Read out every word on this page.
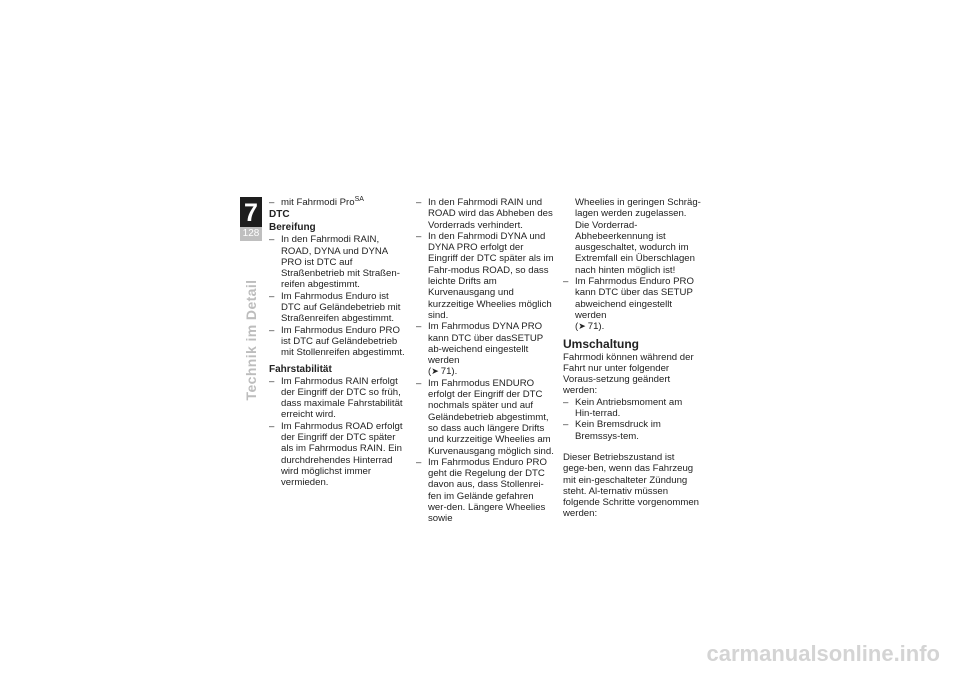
7
128
Technik im Detail
– mit Fahrmodi Pro$^{SA}$
DTC
Bereifung
– In den Fahrmodi RAIN, ROAD, DYNA und DYNA PRO ist DTC auf Straßenbetrieb mit Straßen-reifen abgestimmt.
– Im Fahrmodus Enduro ist DTC auf Geländebetrieb mit Straßenreifen abgestimmt.
– Im Fahrmodus Enduro PRO ist DTC auf Geländebetrieb mit Stollenreifen abgestimmt.
Fahrstabilität
– Im Fahrmodus RAIN erfolgt der Eingriff der DTC so früh, dass maximale Fahrstabilität erreicht wird.
– Im Fahrmodus ROAD erfolgt der Eingriff der DTC später als im Fahrmodus RAIN. Ein durchdrehendes Hinterrad wird möglichst immer vermieden.
– In den Fahrmodi RAIN und ROAD wird das Abheben des Vorderrads verhindert.
– In den Fahrmodi DYNA und DYNA PRO erfolgt der Eingriff der DTC später als im Fahr-modus ROAD, so dass leichte Drifts am Kurvenausgang und kurzzeitige Wheelies möglich sind.
– Im Fahrmodus DYNA PRO kann DTC über dasSETUP ab-weichend eingestellt werden
(➤ 71).
– Im Fahrmodus ENDURO erfolgt der Eingriff der DTC nochmals später und auf Geländebetrieb abgestimmt, so dass auch längere Drifts und kurzzeitige Wheelies am Kurvenausgang möglich sind.
– Im Fahrmodus Enduro PRO geht die Regelung der DTC davon aus, dass Stollenrei-fen im Gelände gefahren wer-den. Längere Wheelies sowie

Wheelies in geringen Schräg-lagen werden zugelassen. Die Vorderrad-Abhebeerkennung ist ausgeschaltet, wodurch im Extremfall ein Überschlagen nach hinten möglich ist!

– Im Fahrmodus Enduro PRO kann DTC über das SETUP abweichend eingestellt werden
(➤ 71).
Umschaltung

Fahrmodi können während der Fahrt nur unter folgender Voraus-setzung geändert werden:

– Kein Antriebsmoment am Hin-terrad.
– Kein Bremsdruck im Bremssys-tem.

Dieser Betriebszustand ist gege-ben, wenn das Fahrzeug mit ein-geschalteter Zündung steht. Al-ternativ müssen folgende Schritte vorgenommen werden:

carmanualsonline.info
